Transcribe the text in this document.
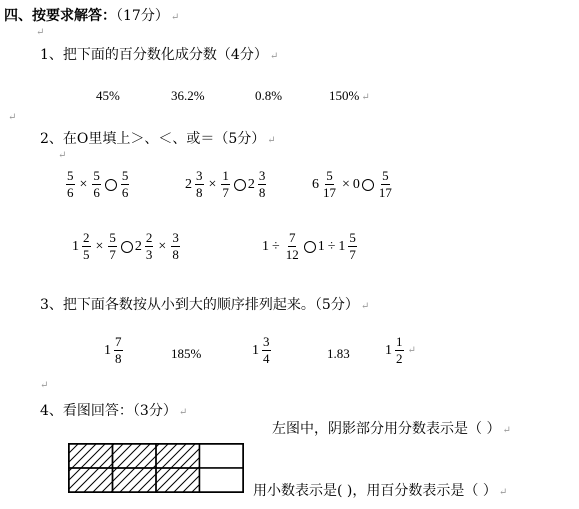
四、按要求解答：（17分） ↵
↵
1、把下面的百分数化成分数（4分） ↵
45%	36.2%	0.8%	150% ↵
↵
2、在O里填上＞、＜、或＝（5分） ↵
↵
$\frac{5}{6} \times \frac{5}{6} \frac{5}{6}$	$2 \frac{3}{8} \times \frac{1}{7} 2 \frac{3}{8}$	$6 \frac{5}{17} \times 0 \frac{5}{17}$
$1 \frac{2}{5} \times \frac{5}{7} 2 \frac{2}{3} \times \frac{3}{8}$	$1 \div \frac{7}{12} 1 \div 1 \frac{5}{7}$
3、把下面各数按从小到大的顺序排列起来。（5分） ↵
$1 \frac{7}{8}$	185%	$1 \frac{3}{4}$	1.83	$1 \frac{1}{2}$ ↵
↵
4、看图回答：（3分） ↵
左图中，阴影部分用分数表示是（ ） ↵
用小数表示是( )，用百分数表示是（ ） ↵
